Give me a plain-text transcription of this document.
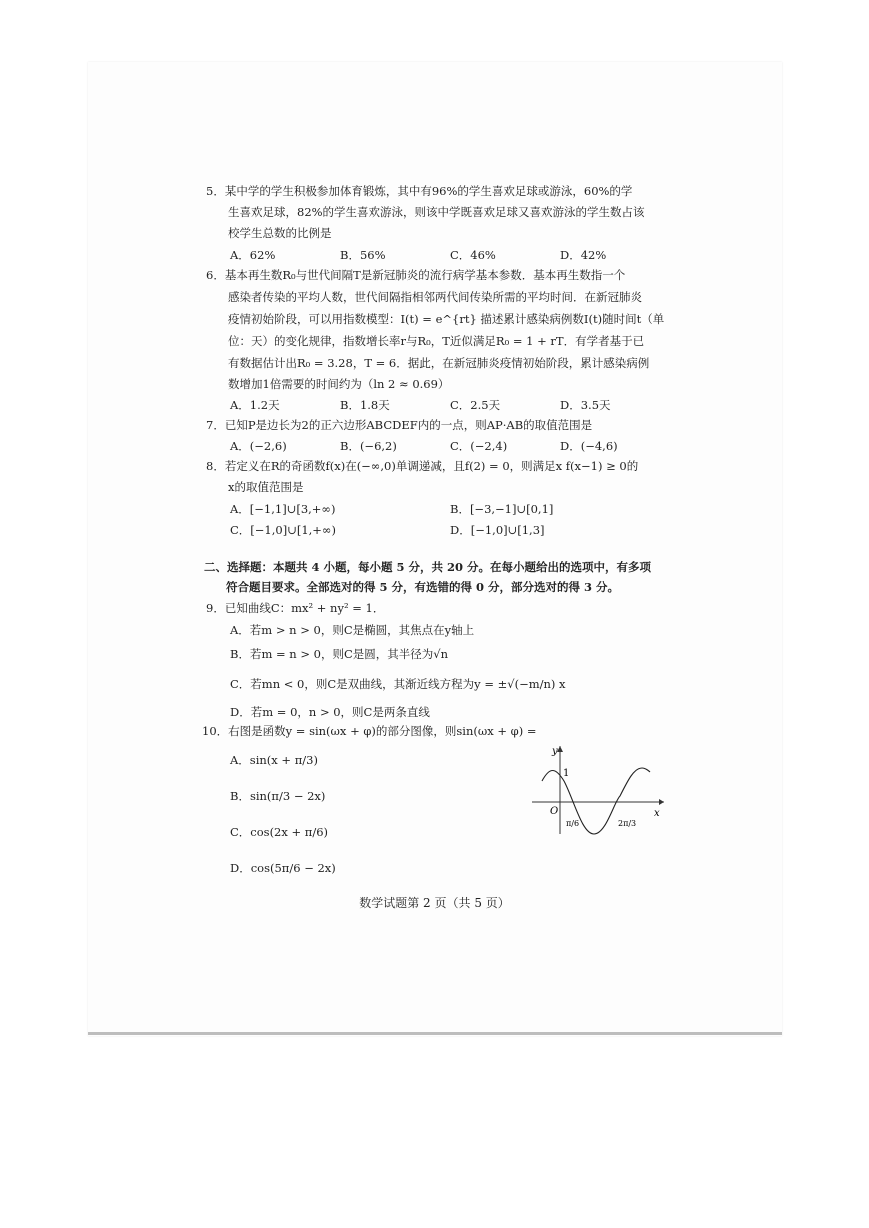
5．某中学的学生积极参加体育锻炼，其中有96%的学生喜欢足球或游泳，60%的学
生喜欢足球，82%的学生喜欢游泳，则该中学既喜欢足球又喜欢游泳的学生数占该
校学生总数的比例是
A．62%	B．56%	C．46%	D．42%
6．基本再生数R₀与世代间隔T是新冠肺炎的流行病学基本参数．基本再生数指一个
感染者传染的平均人数，世代间隔指相邻两代间传染所需的平均时间．在新冠肺炎
疫情初始阶段，可以用指数模型：I(t) = e^{rt} 描述累计感染病例数I(t)随时间t（单
位：天）的变化规律，指数增长率r与R₀，T近似满足R₀ = 1 + rT．有学者基于已
有数据估计出R₀ = 3.28，T = 6．据此，在新冠肺炎疫情初始阶段，累计感染病例
数增加1倍需要的时间约为（ln 2 ≈ 0.69）
A．1.2天	B．1.8天	C．2.5天	D．3.5天
7．已知P是边长为2的正六边形ABCDEF内的一点，则AP·AB的取值范围是
A．(−2,6)	B．(−6,2)	C．(−2,4)	D．(−4,6)
8．若定义在R的奇函数f(x)在(−∞,0)单调递减，且f(2) = 0，则满足x f(x−1) ≥ 0的
x的取值范围是
A．[−1,1]∪[3,+∞)	B．[−3,−1]∪[0,1]
C．[−1,0]∪[1,+∞)	D．[−1,0]∪[1,3]
二、选择题：本题共 4 小题，每小题 5 分，共 20 分。在每小题给出的选项中，有多项
符合题目要求。全部选对的得 5 分，有选错的得 0 分，部分选对的得 3 分。
9．已知曲线C：mx² + ny² = 1．
A．若m > n > 0，则C是椭圆，其焦点在y轴上
B．若m = n > 0，则C是圆，其半径为√n
C．若mn < 0，则C是双曲线，其渐近线方程为y = ±√(−m/n) x
D．若m = 0，n > 0，则C是两条直线
10．右图是函数y = sin(ωx + φ)的部分图像，则sin(ωx + φ) =
A．sin(x + π/3)
B．sin(π/3 − 2x)
C．cos(2x + π/6)
D．cos(5π/6 − 2x)
y
1
O	x
π/6	2π/3
数学试题第 2 页（共 5 页）
